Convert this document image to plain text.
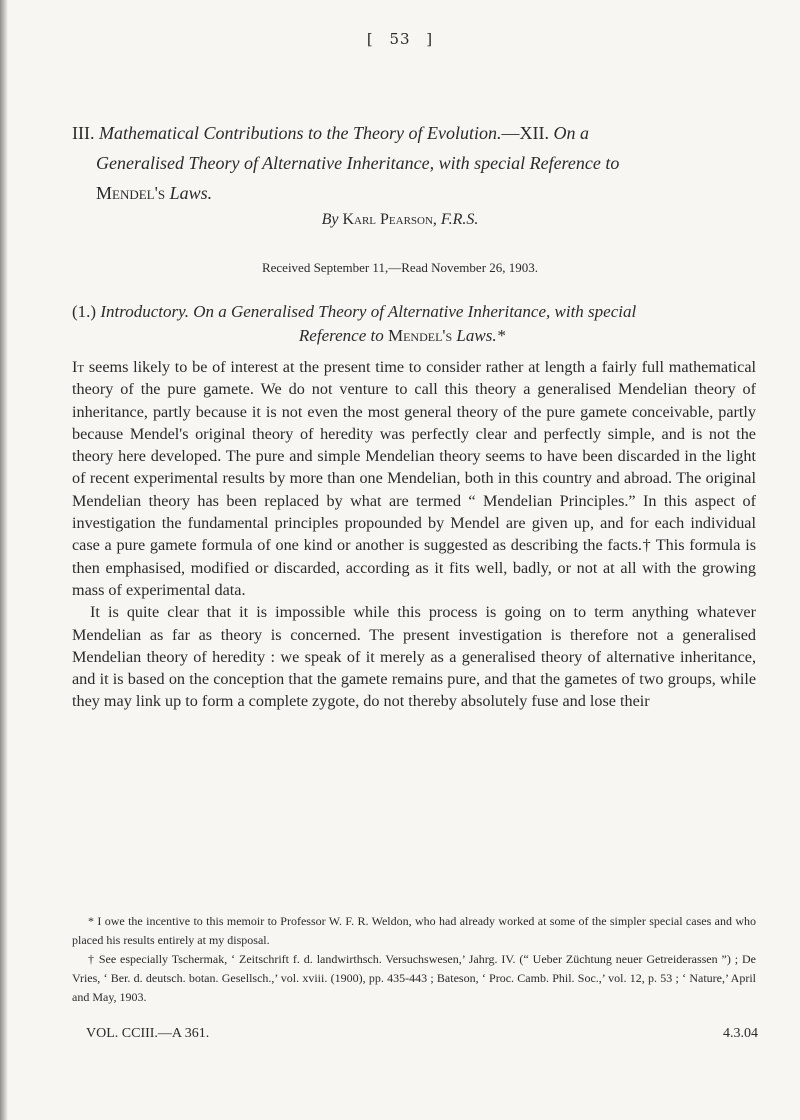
[ 53 ]
III. Mathematical Contributions to the Theory of Evolution.—XII. On a
Generalised Theory of Alternative Inheritance, with special Reference to
Mendel's Laws.
By Karl Pearson, F.R.S.
Received September 11,—Read November 26, 1903.
(1.) Introductory. On a Generalised Theory of Alternative Inheritance, with special
Reference to Mendel's Laws.*

It seems likely to be of interest at the present time to consider rather at length a fairly full mathematical theory of the pure gamete. We do not venture to call this theory a generalised Mendelian theory of inheritance, partly because it is not even the most general theory of the pure gamete conceivable, partly because Mendel's original theory of heredity was perfectly clear and perfectly simple, and is not the theory here developed. The pure and simple Mendelian theory seems to have been discarded in the light of recent experimental results by more than one Mendelian, both in this country and abroad. The original Mendelian theory has been replaced by what are termed “ Mendelian Principles.” In this aspect of investigation the fundamental principles propounded by Mendel are given up, and for each individual case a pure gamete formula of one kind or another is suggested as describing the facts.† This formula is then emphasised, modified or discarded, according as it fits well, badly, or not at all with the growing mass of experimental data.

It is quite clear that it is impossible while this process is going on to term anything whatever Mendelian as far as theory is concerned. The present investigation is therefore not a generalised Mendelian theory of heredity : we speak of it merely as a generalised theory of alternative inheritance, and it is based on the conception that the gamete remains pure, and that the gametes of two groups, while they may link up to form a complete zygote, do not thereby absolutely fuse and lose their

* I owe the incentive to this memoir to Professor W. F. R. Weldon, who had already worked at some of the simpler special cases and who placed his results entirely at my disposal.

† See especially Tschermak, ‘ Zeitschrift f. d. landwirthsch. Versuchswesen,’ Jahrg. IV. (“ Ueber Züchtung neuer Getreiderassen ”) ; De Vries, ‘ Ber. d. deutsch. botan. Gesellsch.,’ vol. xviii. (1900), pp. 435-443 ; Bateson, ‘ Proc. Camb. Phil. Soc.,’ vol. 12, p. 53 ; ‘ Nature,’ April and May, 1903.

VOL. CCIII.—A 361.	4.3.04
